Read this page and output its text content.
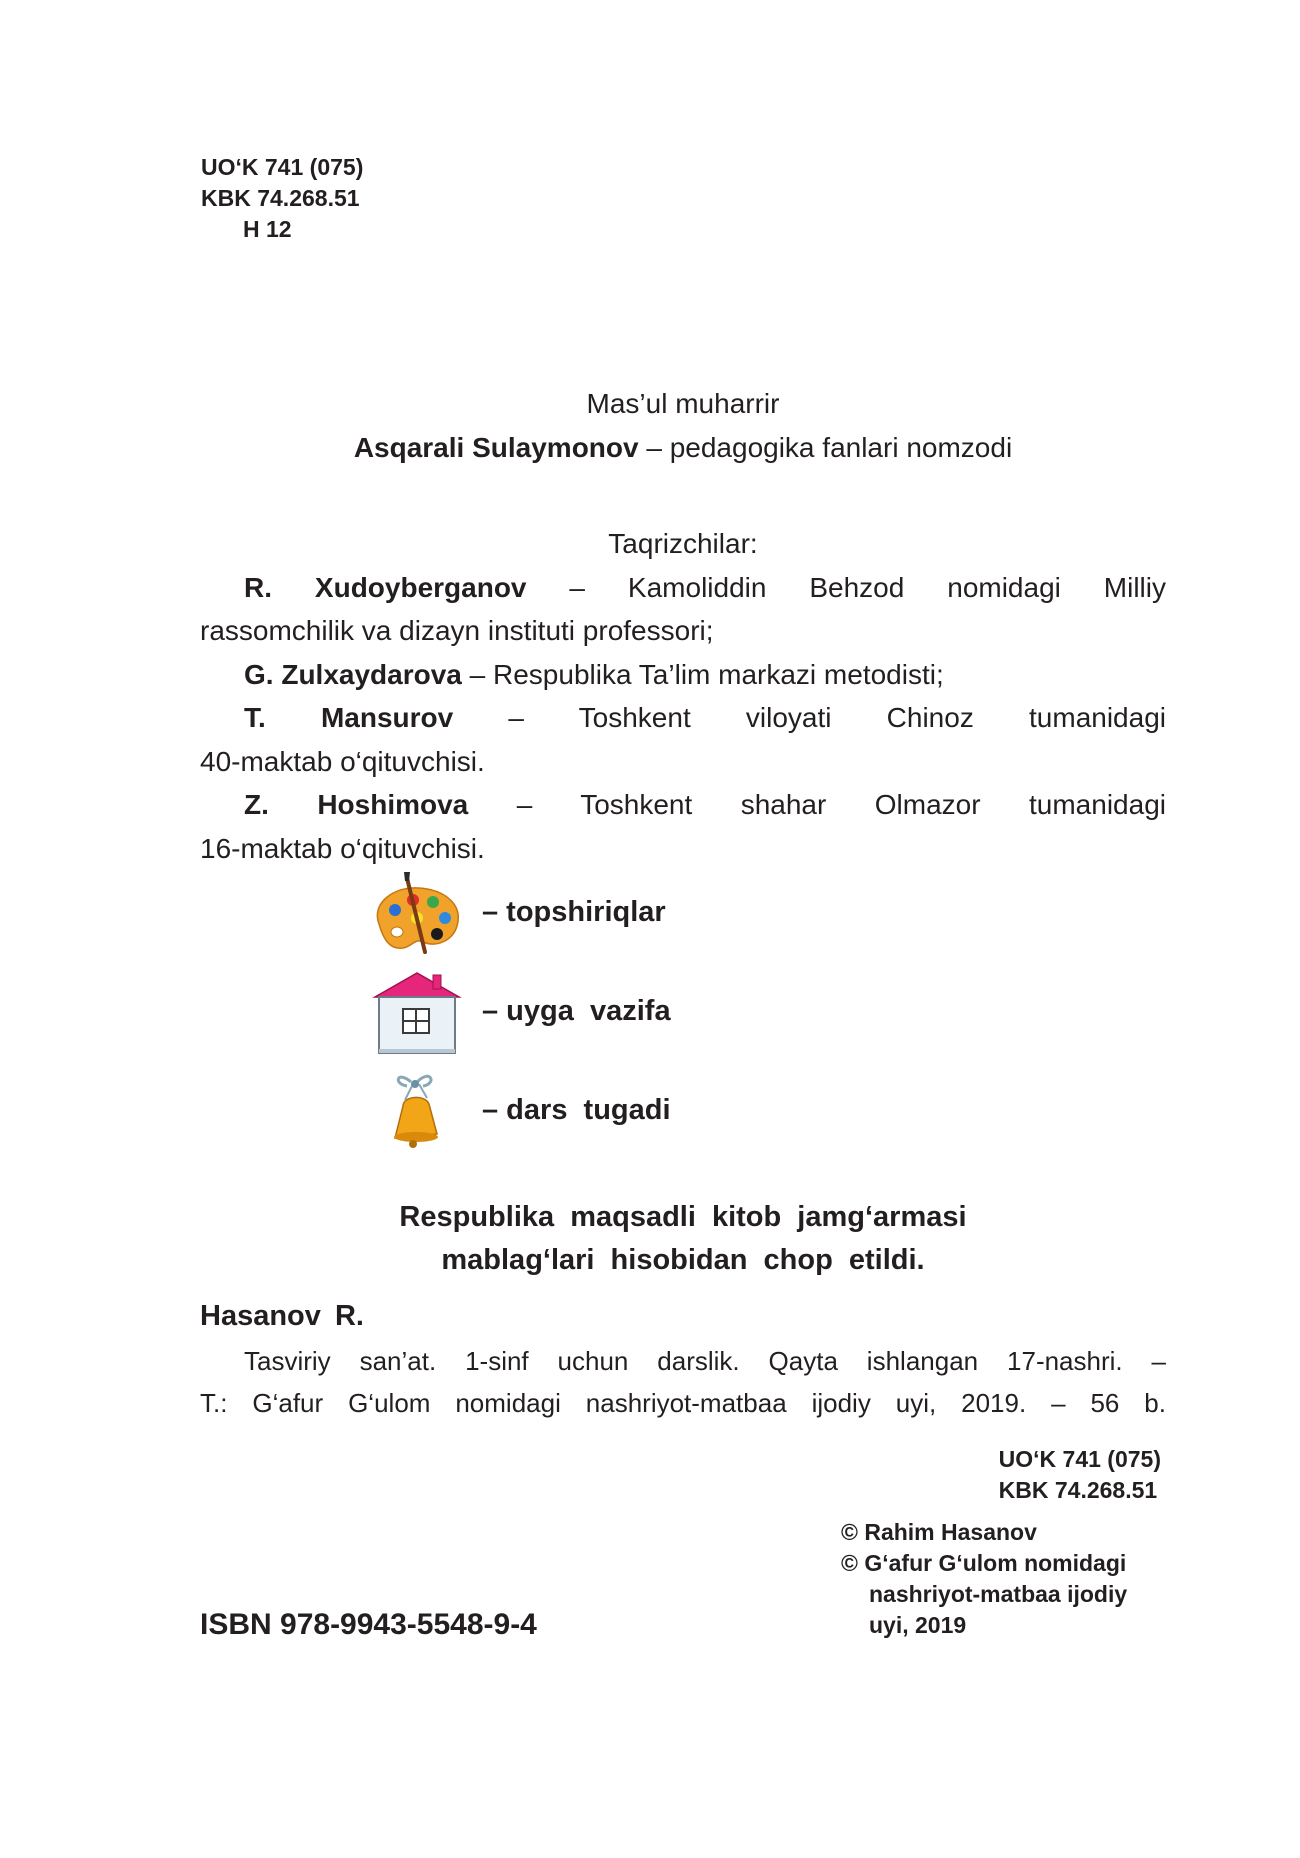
UO‘K 741 (075)
KBK 74.268.51
H 12
Mas’ul muharrir
Asqarali Sulaymonov – pedagogika fanlari nomzodi
Taqrizchilar:

R. Xudoyberganov – Kamoliddin Behzod nomidagi Milliy

rassomchilik va dizayn instituti professori;

G. Zulxaydarova – Respublika Ta’lim markazi metodisti;

T. Mansurov – Toshkent viloyati Chinoz tumanidagi

40-maktab o‘qituvchisi.

Z. Hoshimova – Toshkent shahar Olmazor tumanidagi

16-maktab o‘qituvchisi.

– topshiriqlar
– uyga  vazifa
– dars  tugadi
Respublika maqsadli kitob jamg‘armasi
mablag‘lari hisobidan chop etildi.
Hasanov R.
Tasviriy san’at. 1-sinf uchun darslik. Qayta ishlangan 17-nashri. –
T.: G‘afur G‘ulom nomidagi nashriyot-matbaa ijodiy uyi, 2019. – 56 b.
UO‘K 741 (075)
KBK 74.268.51
© Rahim Hasanov
© G‘afur G‘ulom nomidagi
nashriyot-matbaa ijodiy
uyi, 2019
ISBN 978-9943-5548-9-4
